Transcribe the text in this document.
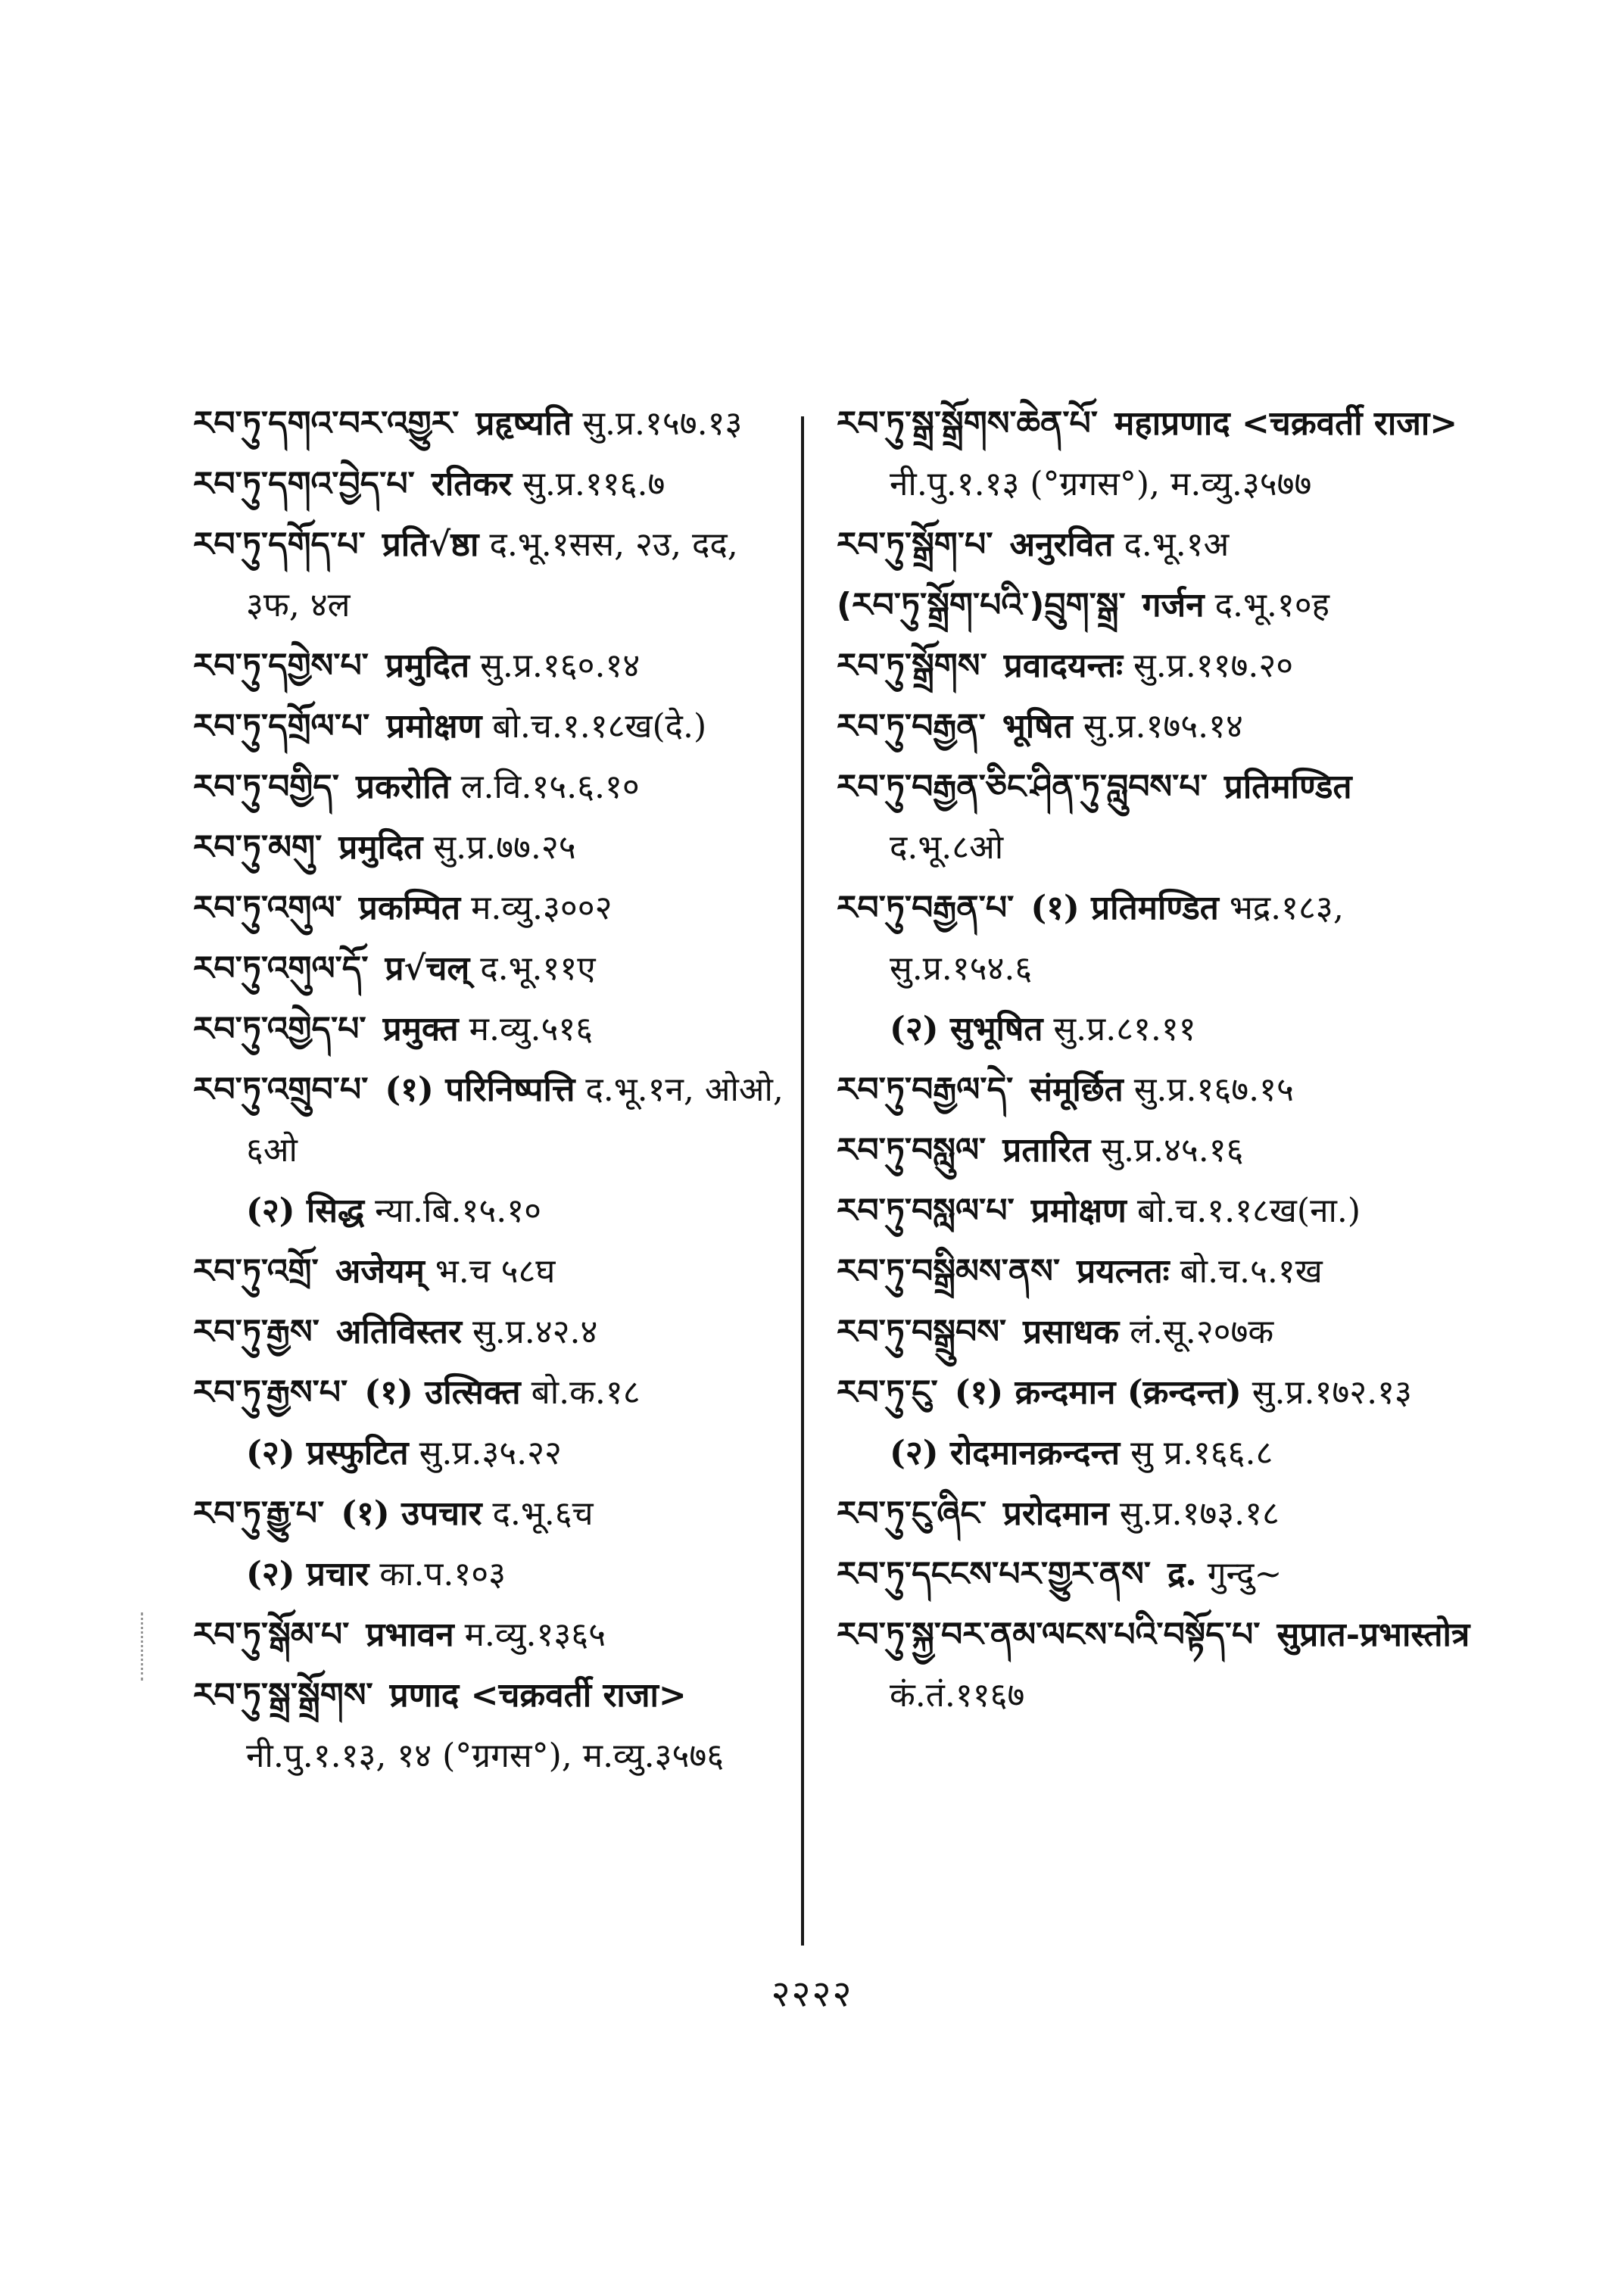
རབ་ཏུ་དགའ་བར་འགྱུར་ प्रहृष्यति सु.प्र.१५७.१३

རབ་ཏུ་དགའ་བྱེད་པ་ रतिकर सु.प्र.११६.७

རབ་ཏུ་དགོད་པ་ प्रति√ष्ठा द.भू.१सस, २उ, दद, ३फ, ४ल

རབ་ཏུ་དགྱེས་པ་ प्रमुदित सु.प्र.१६०.१४

རབ་ཏུ་དགྲོལ་པ་ प्रमोक्षण बो.च.१.१८ख(दे.)

རབ་ཏུ་བགྱིད་ प्रकरोति ल.वि.१५.६.१०

རབ་ཏུ་མགུ་ प्रमुदित सु.प्र.७७.२५

རབ་ཏུ་འགུལ་ प्रकम्पित म.व्यु.३००२

རབ་ཏུ་འགུལ་དོ་ प्र√चल् द.भू.११ए

རབ་ཏུ་འགྱེད་པ་ प्रमुक्त म.व्यु.५१६

རབ་ཏུ་འགྲུབ་པ་ (१) परिनिष्पत्ति द.भू.१न, ओओ, ६ओ

(२) सिद्ध न्या.बि.१५.१०

རབ་ཏུ་འགྲོ་ अजेयम् भ.च ५८घ

རབ་ཏུ་རྒྱས་ अतिविस्तर सु.प्र.४२.४

རབ་ཏུ་རྒྱས་པ་ (१) उत्सिक्त बो.क.१८

(२) प्रस्फुटित सु.प्र.३५.२२

རབ་ཏུ་རྒྱུ་པ་ (१) उपचार द.भू.६च

(२) प्रचार का.प.१०३

རབ་ཏུ་སྒོམ་པ་ प्रभावन म.व्यु.१३६५

རབ་ཏུ་སྒྲ་སྒྲོགས་ प्रणाद <चक्रवर्ती राजा> नी.पु.१.१३, १४ (°ग्रगस°), म.व्यु.३५७६

རབ་ཏུ་སྒྲ་སྒྲོགས་ཆེན་པོ་ महाप्रणाद <चक्रवर्ती राजा> नी.पु.१.१३ (°ग्रगस°), म.व्यु.३५७७

རབ་ཏུ་སྒྲོག་པ་ अनुरवित द.भू.१अ

(རབ་ཏུ་སྒྲོག་པའི་)བྲུག་སྒྲ་ गर्जन द.भू.१०ह

རབ་ཏུ་སྒྲོགས་ प्रवादयन्तः सु.प्र.११७.२०

རབ་ཏུ་བརྒྱན་ भूषित सु.प्र.१७५.१४

རབ་ཏུ་བརྒྱན་ཅིང་ཤིན་ཏུ་བླུབས་པ་ प्रतिमण्डित द.भू.८ओ

རབ་ཏུ་བརྒྱན་པ་ (१) प्रतिमण्डित भद्र.१८३, सु.प्र.१५४.६

(२) सुभूषित सु.प्र.८१.११

རབ་ཏུ་བརྒྱལ་དེ་ संमूर्छित सु.प्र.१६७.१५

རབ་ཏུ་བསླུལ་ प्रतारित सु.प्र.४५.१६

རབ་ཏུ་བསླལ་པ་ प्रमोक्षण बो.च.१.१८ख(ना.)

རབ་ཏུ་བསྒྲིམས་ནས་ प्रयत्नतः बो.च.५.१ख

རབ་ཏུ་བསྒྲུབས་ प्रसाधक लं.सू.२०७क

རབ་ཏུ་ངུ་ (१) क्रन्दमान (क्रन्दन्त) सु.प्र.१७२.१३

(२) रोदमानक्रन्दन्त सु प्र.१६६.८

རབ་ཏུ་ངུ་ཞིང་ प्ररोदमान सु.प्र.१७३.१८

རབ་ཏུ་དངངས་པར་གྱུར་ནས་ द्र. गुन्दु~

རབ་ཏུ་སྐྱ་བར་ནམ་ལངས་པའི་བསྟོད་པ་ सुप्रात-प्रभास्तोत्र कं.तं.११६७

२२२२
